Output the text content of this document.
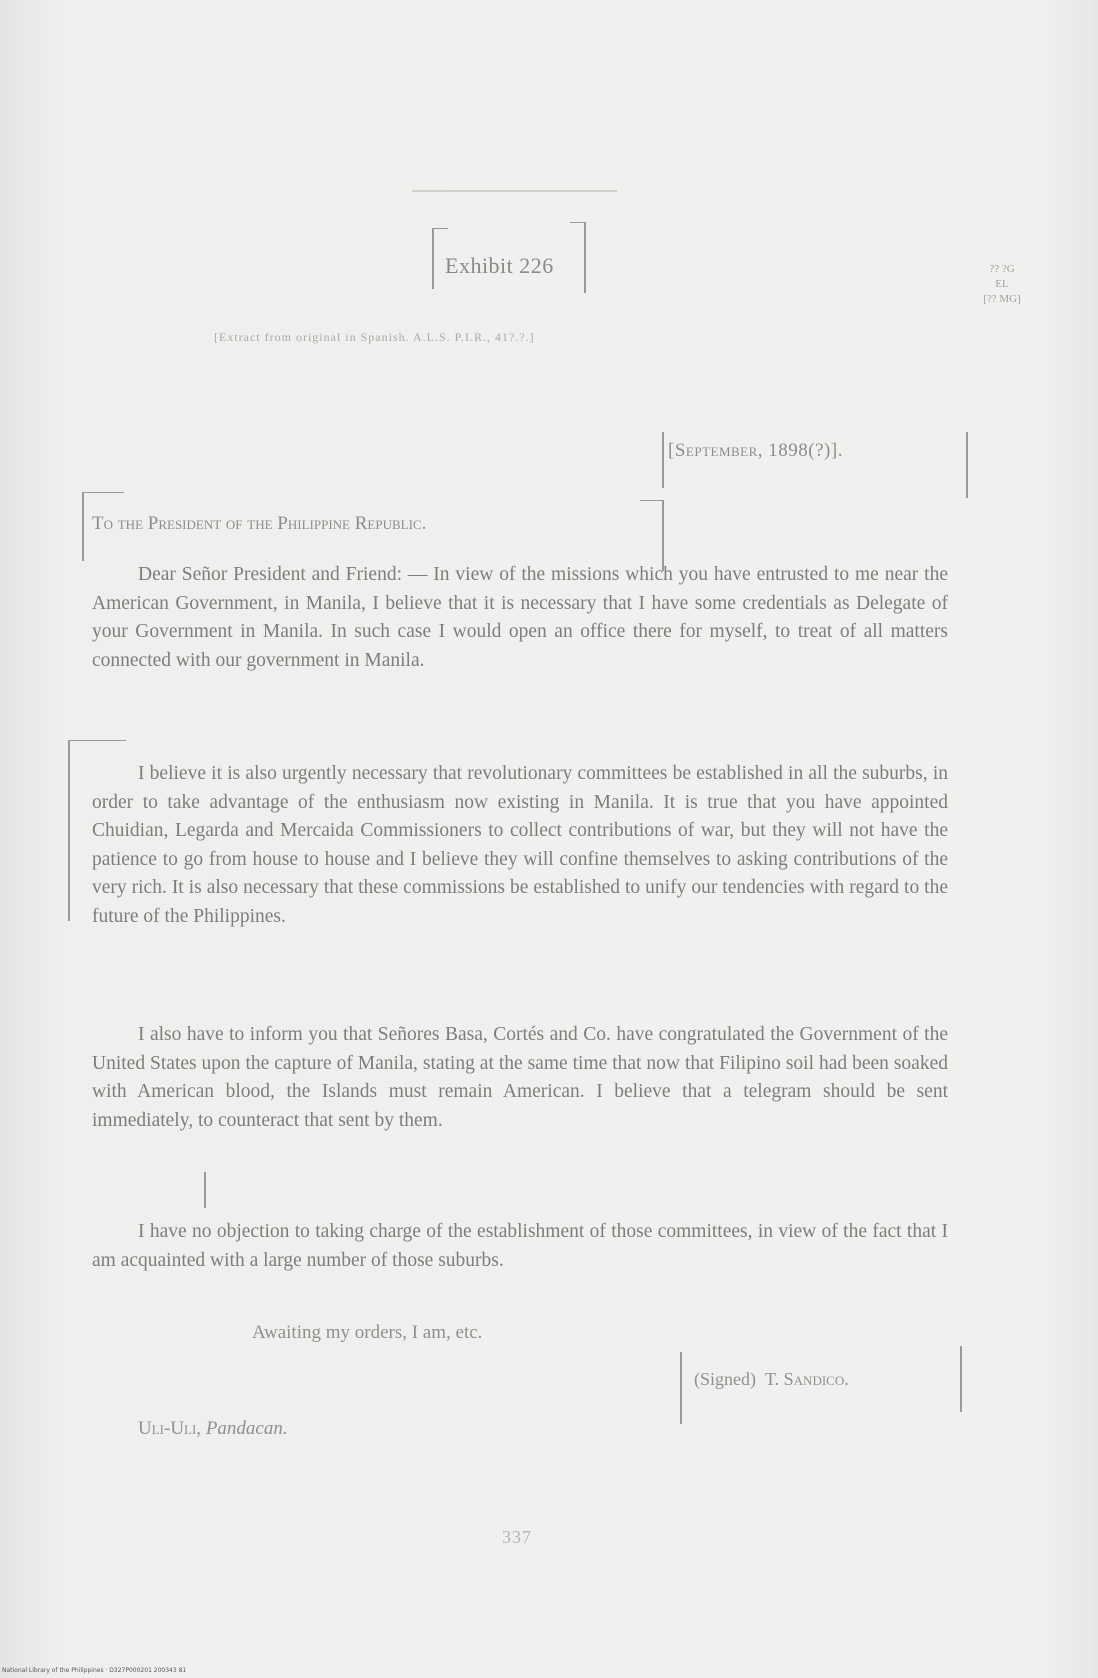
Exhibit 226
[Extract from original in Spanish. A.L.S. P.I.R., 41?.?.]
?? ?G
EL
[?? MG]
[September, 1898(?)].
To the President of the Philippine Republic.

Dear Señor President and Friend: — In view of the missions which you have entrusted to me near the American Government, in Manila, I believe that it is necessary that I have some credentials as Delegate of your Government in Manila. In such case I would open an office there for myself, to treat of all matters connected with our government in Manila.

I believe it is also urgently necessary that revolutionary committees be established in all the suburbs, in order to take advantage of the enthusiasm now existing in Manila. It is true that you have appointed Chuidian, Legarda and Mercaida Commissioners to collect contributions of war, but they will not have the patience to go from house to house and I believe they will confine themselves to asking contributions of the very rich. It is also necessary that these commissions be established to unify our tendencies with regard to the future of the Philippines.

I also have to inform you that Señores Basa, Cortés and Co. have congratulated the Government of the United States upon the capture of Manila, stating at the same time that now that Filipino soil had been soaked with American blood, the Islands must remain American. I believe that a telegram should be sent immediately, to counteract that sent by them.

I have no objection to taking charge of the establishment of those committees, in view of the fact that I am acquainted with a large number of those suburbs.

Awaiting my orders, I am, etc.
(Signed) T. Sandico.
Uli-Uli, Pandacan.
337
National Library of the Philippines · D327P000201 200343 81
